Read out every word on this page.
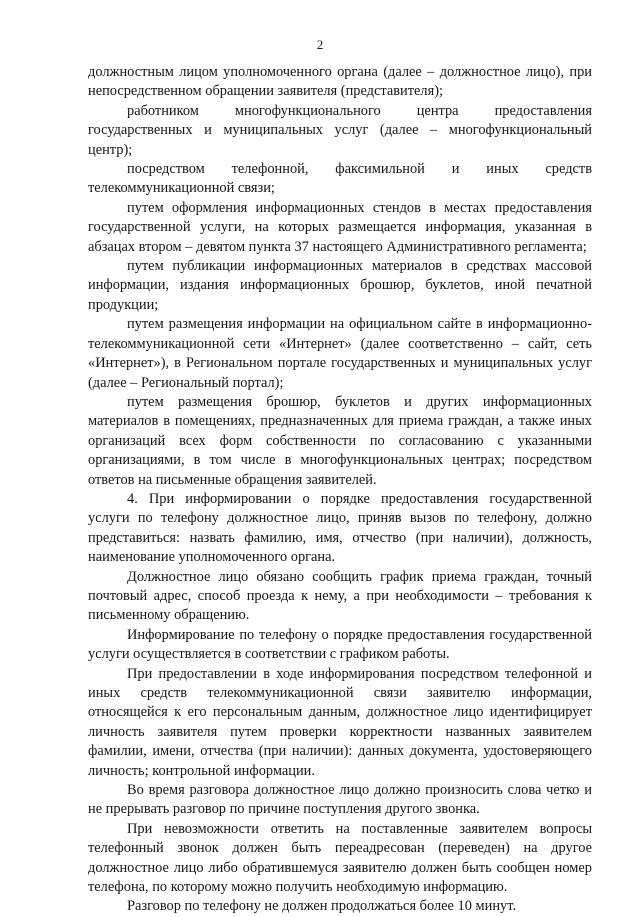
2

должностным лицом уполномоченного органа (далее – должностное лицо), при непосредственном обращении заявителя (представителя);

работником многофункционального центра предоставления государственных и муниципальных услуг (далее – многофункциональный центр);

посредством телефонной, факсимильной и иных средств телекоммуникационной связи;

путем оформления информационных стендов в местах предоставления государственной услуги, на которых размещается информация, указанная в абзацах втором – девятом пункта 37 настоящего Административного регламента;

путем публикации информационных материалов в средствах массовой информации, издания информационных брошюр, буклетов, иной печатной продукции;

путем размещения информации на официальном сайте в информационно-телекоммуникационной сети «Интернет» (далее соответственно – сайт, сеть «Интернет»), в Региональном портале государственных и муниципальных услуг (далее – Региональный портал);

путем размещения брошюр, буклетов и других информационных материалов в помещениях, предназначенных для приема граждан, а также иных организаций всех форм собственности по согласованию с указанными организациями, в том числе в многофункциональных центрах; посредством ответов на письменные обращения заявителей.

4. При информировании о порядке предоставления государственной услуги по телефону должностное лицо, приняв вызов по телефону, должно представиться: назвать фамилию, имя, отчество (при наличии), должность, наименование уполномоченного органа.

Должностное лицо обязано сообщить график приема граждан, точный почтовый адрес, способ проезда к нему, а при необходимости – требования к письменному обращению.

Информирование по телефону о порядке предоставления государственной услуги осуществляется в соответствии с графиком работы.

При предоставлении в ходе информирования посредством телефонной и иных средств телекоммуникационной связи заявителю информации, относящейся к его персональным данным, должностное лицо идентифицирует личность заявителя путем проверки корректности названных заявителем фамилии, имени, отчества (при наличии): данных документа, удостоверяющего личность; контрольной информации.

Во время разговора должностное лицо должно произносить слова четко и не прерывать разговор по причине поступления другого звонка.

При невозможности ответить на поставленные заявителем вопросы телефонный звонок должен быть переадресован (переведен) на другое должностное лицо либо обратившемуся заявителю должен быть сообщен номер телефона, по которому можно получить необходимую информацию.

Разговор по телефону не должен продолжаться более 10 минут.
